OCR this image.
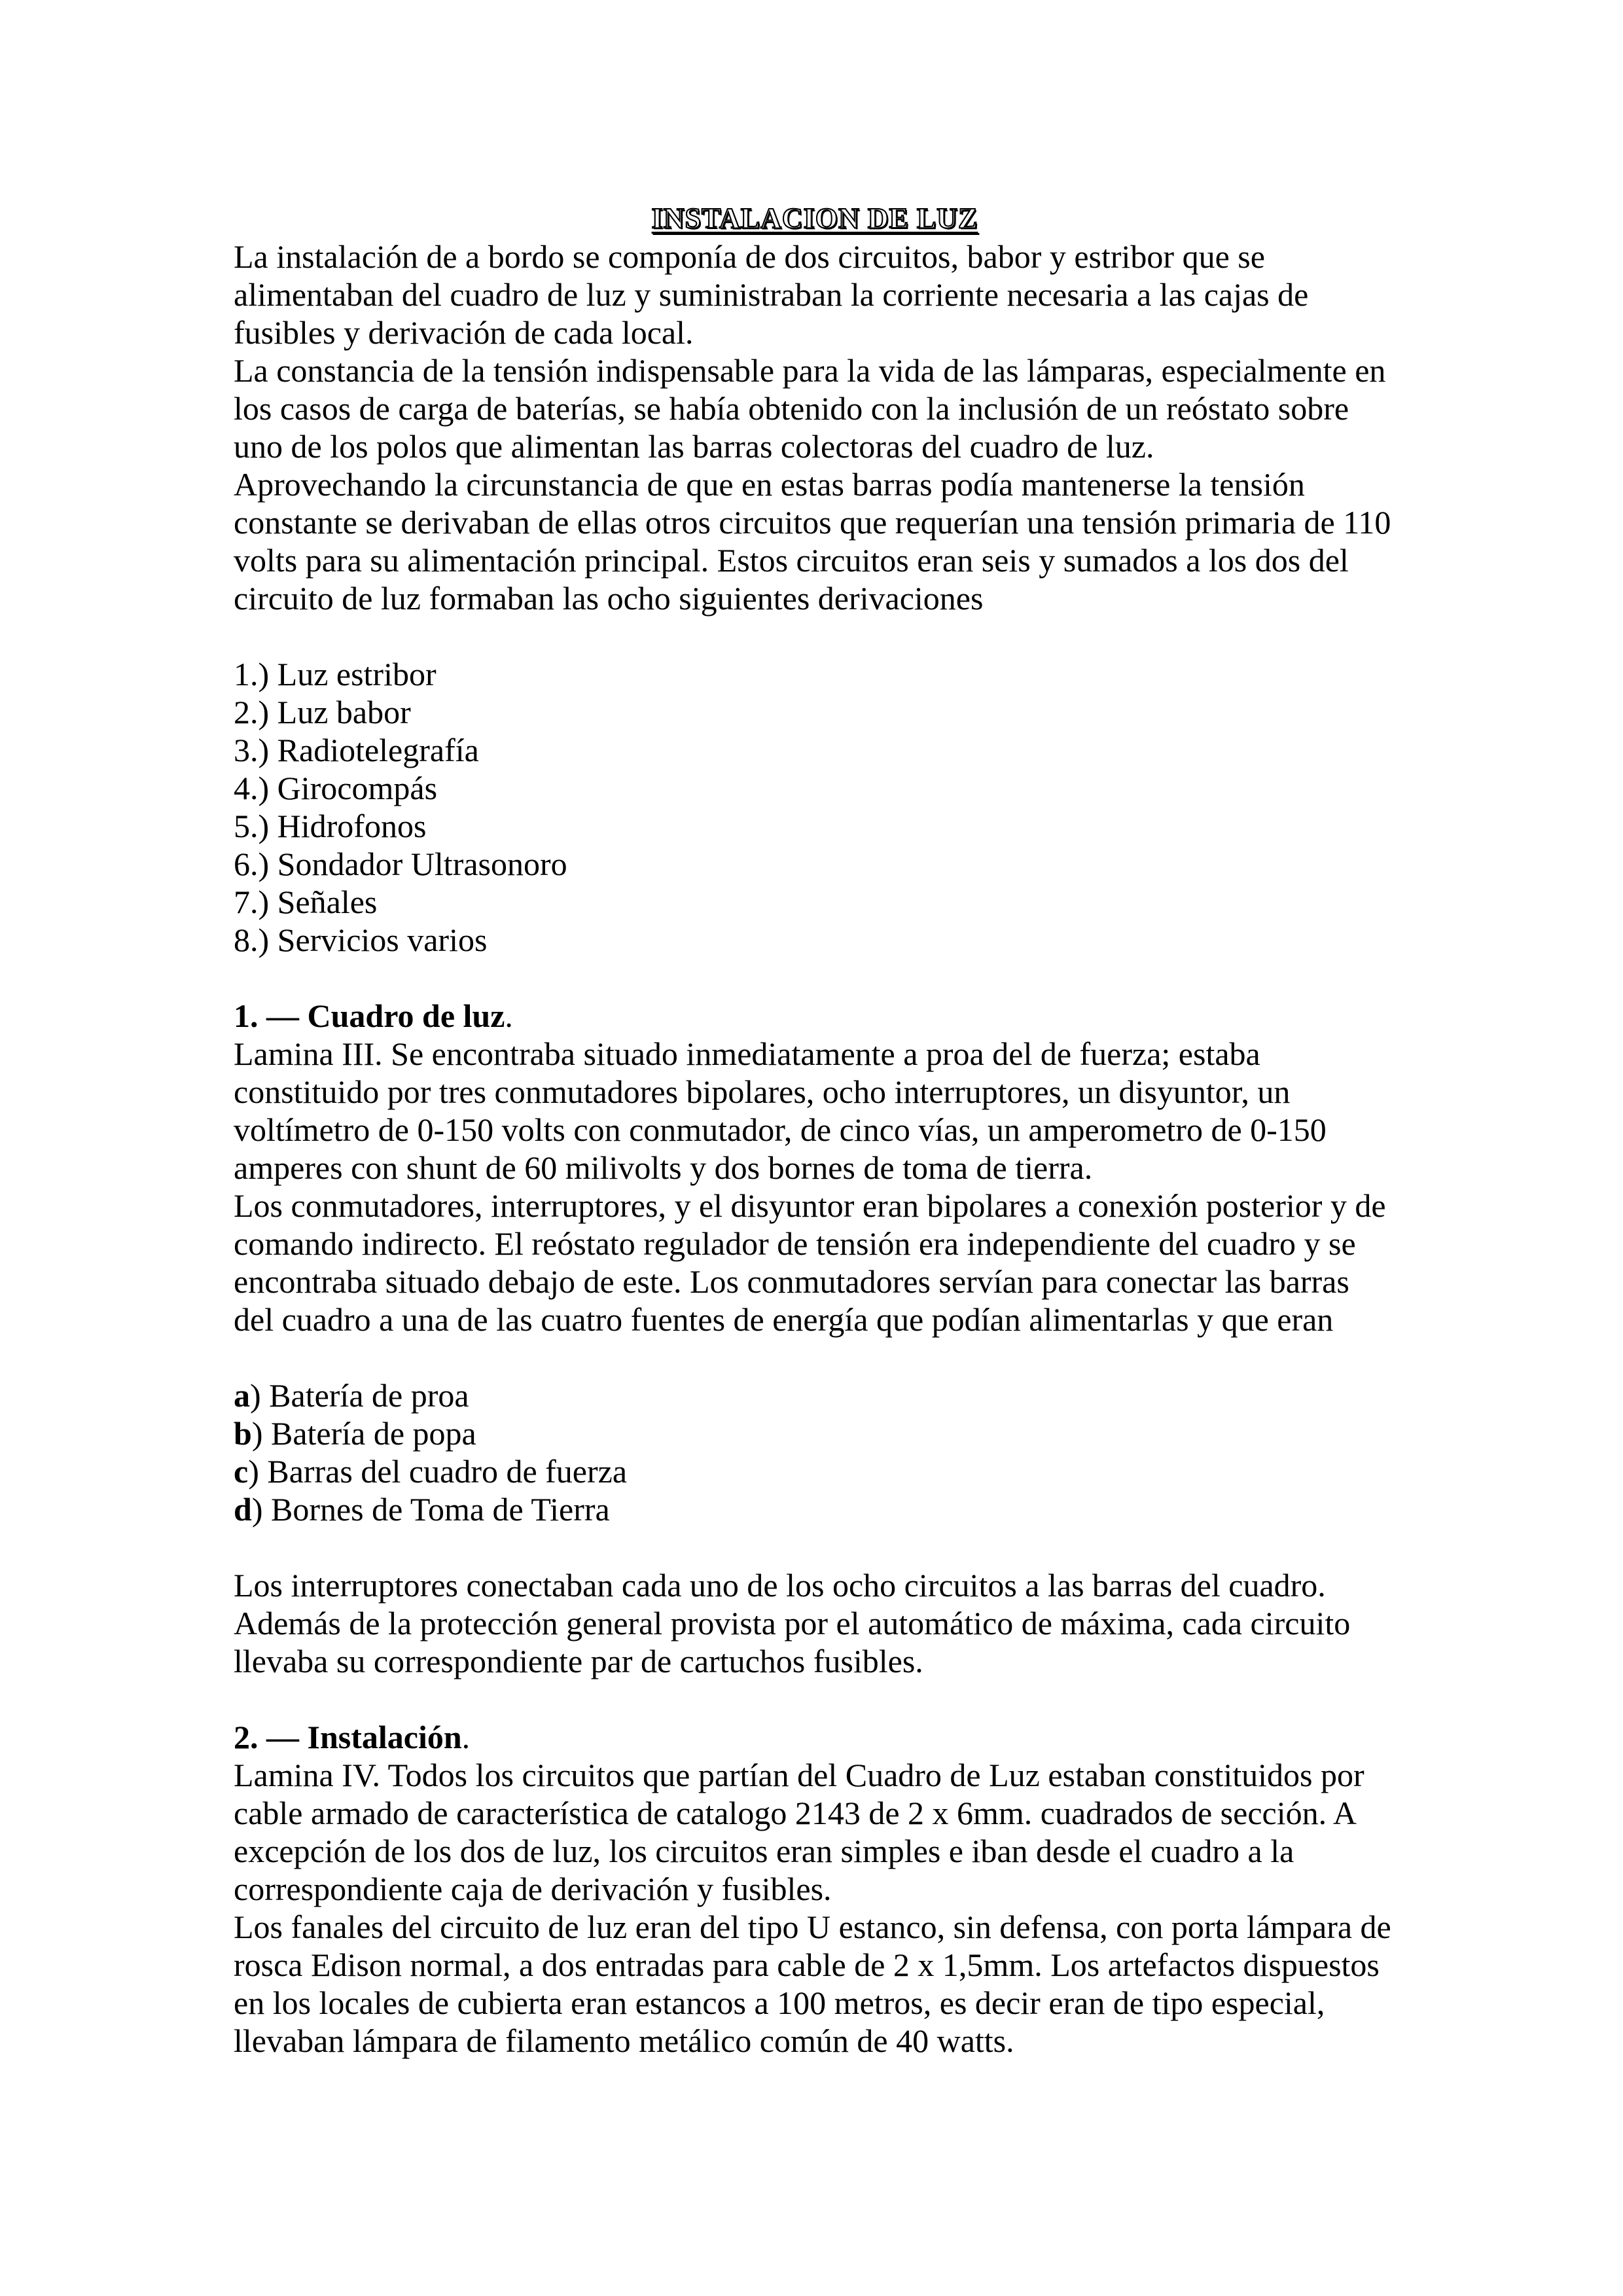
INSTALACION DE LUZ
La instalación de a bordo se componía de dos circuitos, babor y estribor que se
alimentaban del cuadro de luz y suministraban la corriente necesaria a las cajas de
fusibles y derivación de cada local.
La constancia de la tensión indispensable para la vida de las lámparas, especialmente en
los casos de carga de baterías, se había obtenido con la inclusión de un reóstato sobre
uno de los polos que alimentan las barras colectoras del cuadro de luz.
Aprovechando la circunstancia de que en estas barras podía mantenerse la tensión
constante se derivaban de ellas otros circuitos que requerían una tensión primaria de 110
volts para su alimentación principal. Estos circuitos eran seis y sumados a los dos del
circuito de luz formaban las ocho siguientes derivaciones
1.) Luz estribor
2.) Luz babor
3.) Radiotelegrafía
4.) Girocompás
5.) Hidrofonos
6.) Sondador Ultrasonoro
7.) Señales
8.) Servicios varios
1. — Cuadro de luz.
Lamina III. Se encontraba situado inmediatamente a proa del de fuerza; estaba
constituido por tres conmutadores bipolares, ocho interruptores, un disyuntor, un
voltímetro de 0-150 volts con conmutador, de cinco vías, un amperometro de 0-150
amperes con shunt de 60 milivolts y dos bornes de toma de tierra.
Los conmutadores, interruptores, y el disyuntor eran bipolares a conexión posterior y de
comando indirecto. El reóstato regulador de tensión era independiente del cuadro y se
encontraba situado debajo de este. Los conmutadores servían para conectar las barras
del cuadro a una de las cuatro fuentes de energía que podían alimentarlas y que eran
a) Batería de proa
b) Batería de popa
c) Barras del cuadro de fuerza
d) Bornes de Toma de Tierra
Los interruptores conectaban cada uno de los ocho circuitos a las barras del cuadro.
Además de la protección general provista por el automático de máxima, cada circuito
llevaba su correspondiente par de cartuchos fusibles.
2. — Instalación.
Lamina IV. Todos los circuitos que partían del Cuadro de Luz estaban constituidos por
cable armado de característica de catalogo 2143 de 2 x 6mm. cuadrados de sección. A
excepción de los dos de luz, los circuitos eran simples e iban desde el cuadro a la
correspondiente caja de derivación y fusibles.
Los fanales del circuito de luz eran del tipo U estanco, sin defensa, con porta lámpara de
rosca Edison normal, a dos entradas para cable de 2 x 1,5mm. Los artefactos dispuestos
en los locales de cubierta eran estancos a 100 metros, es decir eran de tipo especial,
llevaban lámpara de filamento metálico común de 40 watts.
